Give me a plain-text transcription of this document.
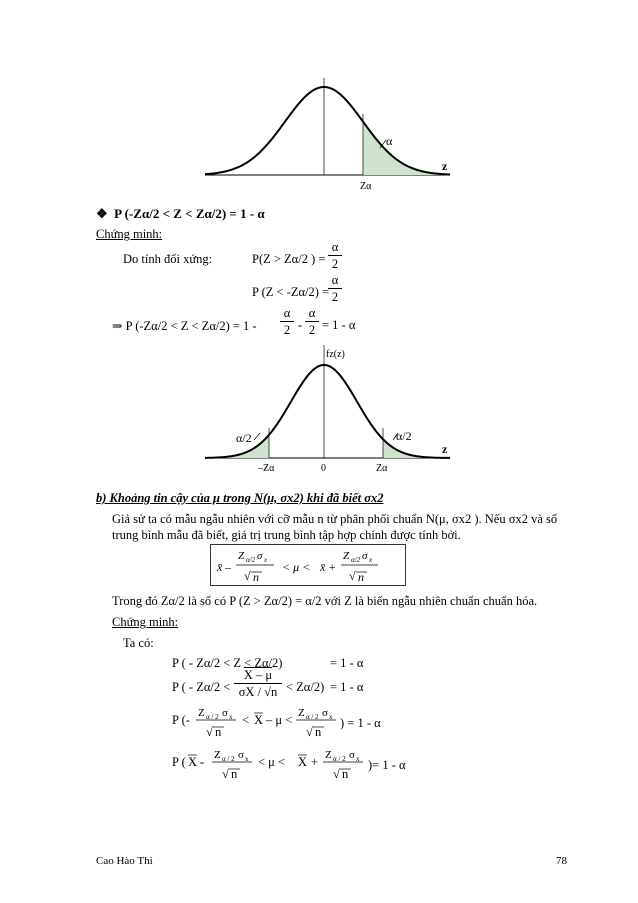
α
z
Zα
❖ P (-Zα/2 < Z < Zα/2) = 1 - α
Chứng minh:
Do tính đối xứng:	P(Z > Zα/2 ) =
α
2
P (Z < -Zα/2) =
α
2
⇒ P (-Zα/2 < Z < Zα/2) = 1 -
α
2 -
α
2 = 1 - α
fz(z)
α/2	α/2
z
–Zα	0	Zα
b) Khoảng tin cậy của μ trong N(μ, σx2) khi đã biết σx2
Giả sử ta có mẫu ngẫu nhiên với cỡ mẫu n từ phân phối chuẩn N(μ, σx2 ). Nếu σx2 và số trung bình mẫu đã biết, giá trị trung bình tập hợp chính được tính bởi.
x̄ –
Z α/2 σ x
√ n
< μ < x̄ +
Z α/2 σ x
√ n
Trong đó Zα/2 là số có P (Z > Zα/2) = α/2 với Z là biến ngẫu nhiên chuẩn chuẩn hóa.
Chứng minh:
Ta có:
P ( - Zα/2 < Z < Zα/2)	= 1 - α
P ( - Zα/2 <
X – μ
σX / √n < Zα/2) = 1 - α
P (- Z α / 2 σ x
√ n
< X – μ < Z α / 2 σ x
√ n
) = 1 - α
P ( X - Z α / 2 σ x
√ n
< μ < X + Z α / 2 σ x
√ n
)= 1 - α
Cao Hào Thi	78
